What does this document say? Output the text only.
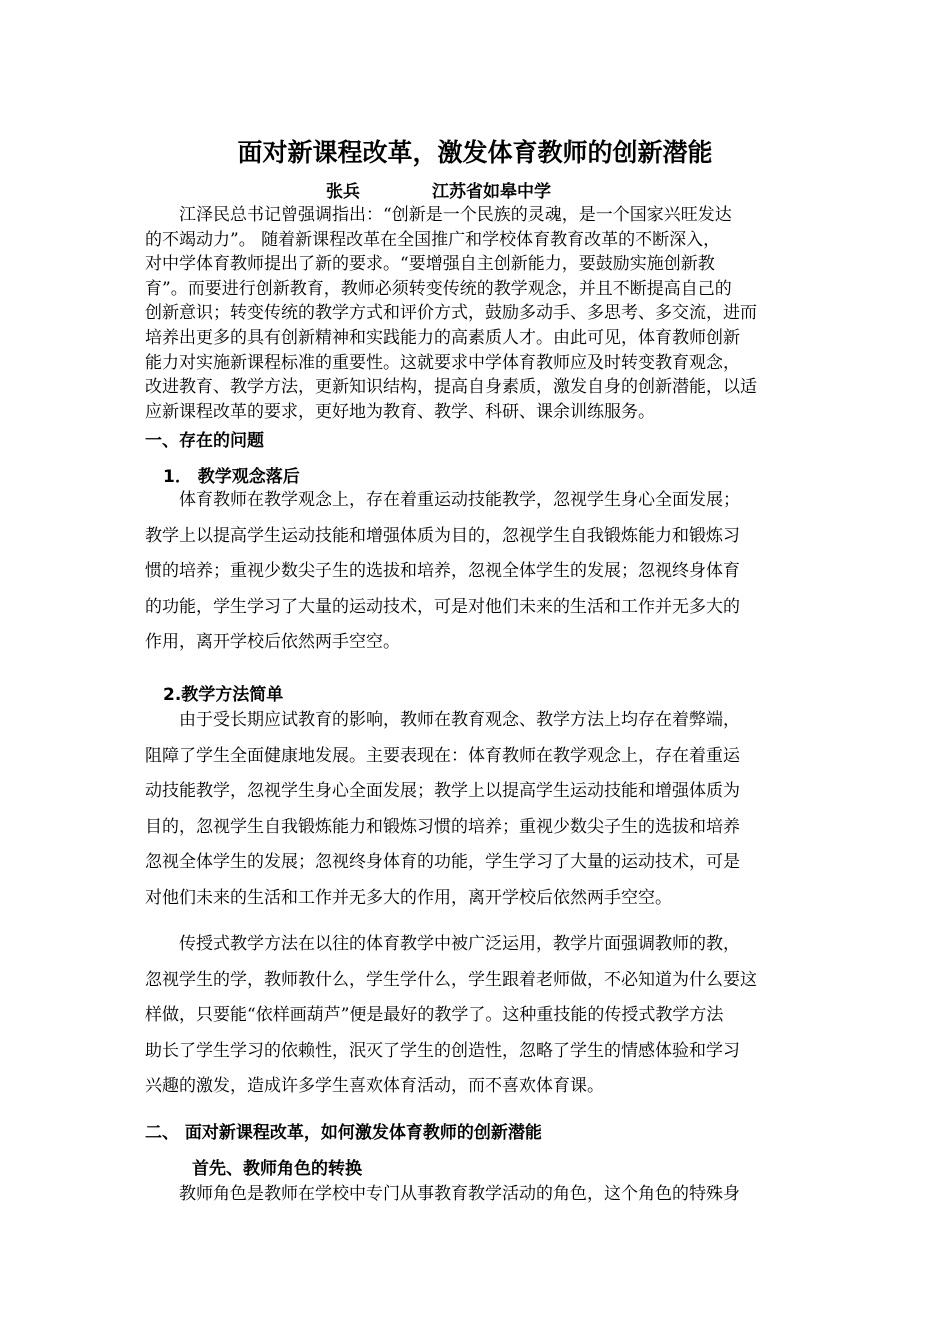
面对新课程改革，激发体育教师的创新潜能
张兵	江苏省如皋中学
江泽民总书记曾强调指出：“创新是一个民族的灵魂，是一个国家兴旺发达
的不竭动力”。 随着新课程改革在全国推广和学校体育教育改革的不断深入，
对中学体育教师提出了新的要求。“要增强自主创新能力，要鼓励实施创新教
育”。而要进行创新教育，教师必须转变传统的教学观念，并且不断提高自己的
创新意识；转变传统的教学方式和评价方式，鼓励多动手、多思考、多交流，进而
培养出更多的具有创新精神和实践能力的高素质人才。由此可见，体育教师创新
能力对实施新课程标准的重要性。这就要求中学体育教师应及时转变教育观念，
改进教育、教学方法，更新知识结构，提高自身素质，激发自身的创新潜能，以适
应新课程改革的要求，更好地为教育、教学、科研、课余训练服务。
一、存在的问题
1． 教学观念落后
体育教师在教学观念上，存在着重运动技能教学，忽视学生身心全面发展；
教学上以提高学生运动技能和增强体质为目的，忽视学生自我锻炼能力和锻炼习
惯的培养；重视少数尖子生的选拔和培养，忽视全体学生的发展；忽视终身体育
的功能，学生学习了大量的运动技术，可是对他们未来的生活和工作并无多大的
作用，离开学校后依然两手空空。
2.教学方法简单
由于受长期应试教育的影响，教师在教育观念、教学方法上均存在着弊端，
阻障了学生全面健康地发展。主要表现在：体育教师在教学观念上，存在着重运
动技能教学，忽视学生身心全面发展；教学上以提高学生运动技能和增强体质为
目的，忽视学生自我锻炼能力和锻炼习惯的培养；重视少数尖子生的选拔和培养
忽视全体学生的发展；忽视终身体育的功能，学生学习了大量的运动技术，可是
对他们未来的生活和工作并无多大的作用，离开学校后依然两手空空。
传授式教学方法在以往的体育教学中被广泛运用，教学片面强调教师的教，
忽视学生的学，教师教什么，学生学什么，学生跟着老师做，不必知道为什么要这
样做，只要能“依样画葫芦”便是最好的教学了。这种重技能的传授式教学方法
助长了学生学习的依赖性，泯灭了学生的创造性，忽略了学生的情感体验和学习
兴趣的激发，造成许多学生喜欢体育活动，而不喜欢体育课。
二、 面对新课程改革，如何激发体育教师的创新潜能
首先、教师角色的转换
教师角色是教师在学校中专门从事教育教学活动的角色，这个角色的特殊身
